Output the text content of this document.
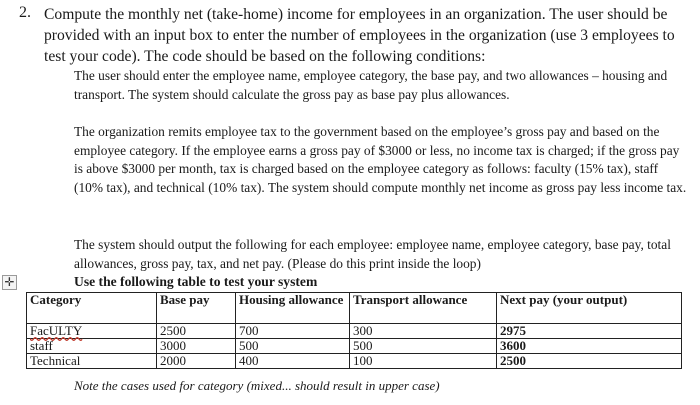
2. Compute the monthly net (take-home) income for employees in an organization. The user should be provided with an input box to enter the number of employees in the organization (use 3 employees to test your code). The code should be based on the following conditions:
The user should enter the employee name, employee category, the base pay, and two allowances – housing and transport. The system should calculate the gross pay as base pay plus allowances.
The organization remits employee tax to the government based on the employee’s gross pay and based on the employee category. If the employee earns a gross pay of $3000 or less, no income tax is charged; if the gross pay is above $3000 per month, tax is charged based on the employee category as follows: faculty (15% tax), staff (10% tax), and technical (10% tax). The system should compute monthly net income as gross pay less income tax.
The system should output the following for each employee: employee name, employee category, base pay, total allowances, gross pay, tax, and net pay. (Please do this print inside the loop)
✛	Use the following table to test your system
Category	Base pay	Housing allowance	Transport allowance	Next pay (your output)
FacULTY	2500	700	300	2975
staff	3000	500	500	3600
Technical	2000	400	100	2500
Note the cases used for category (mixed... should result in upper case)
